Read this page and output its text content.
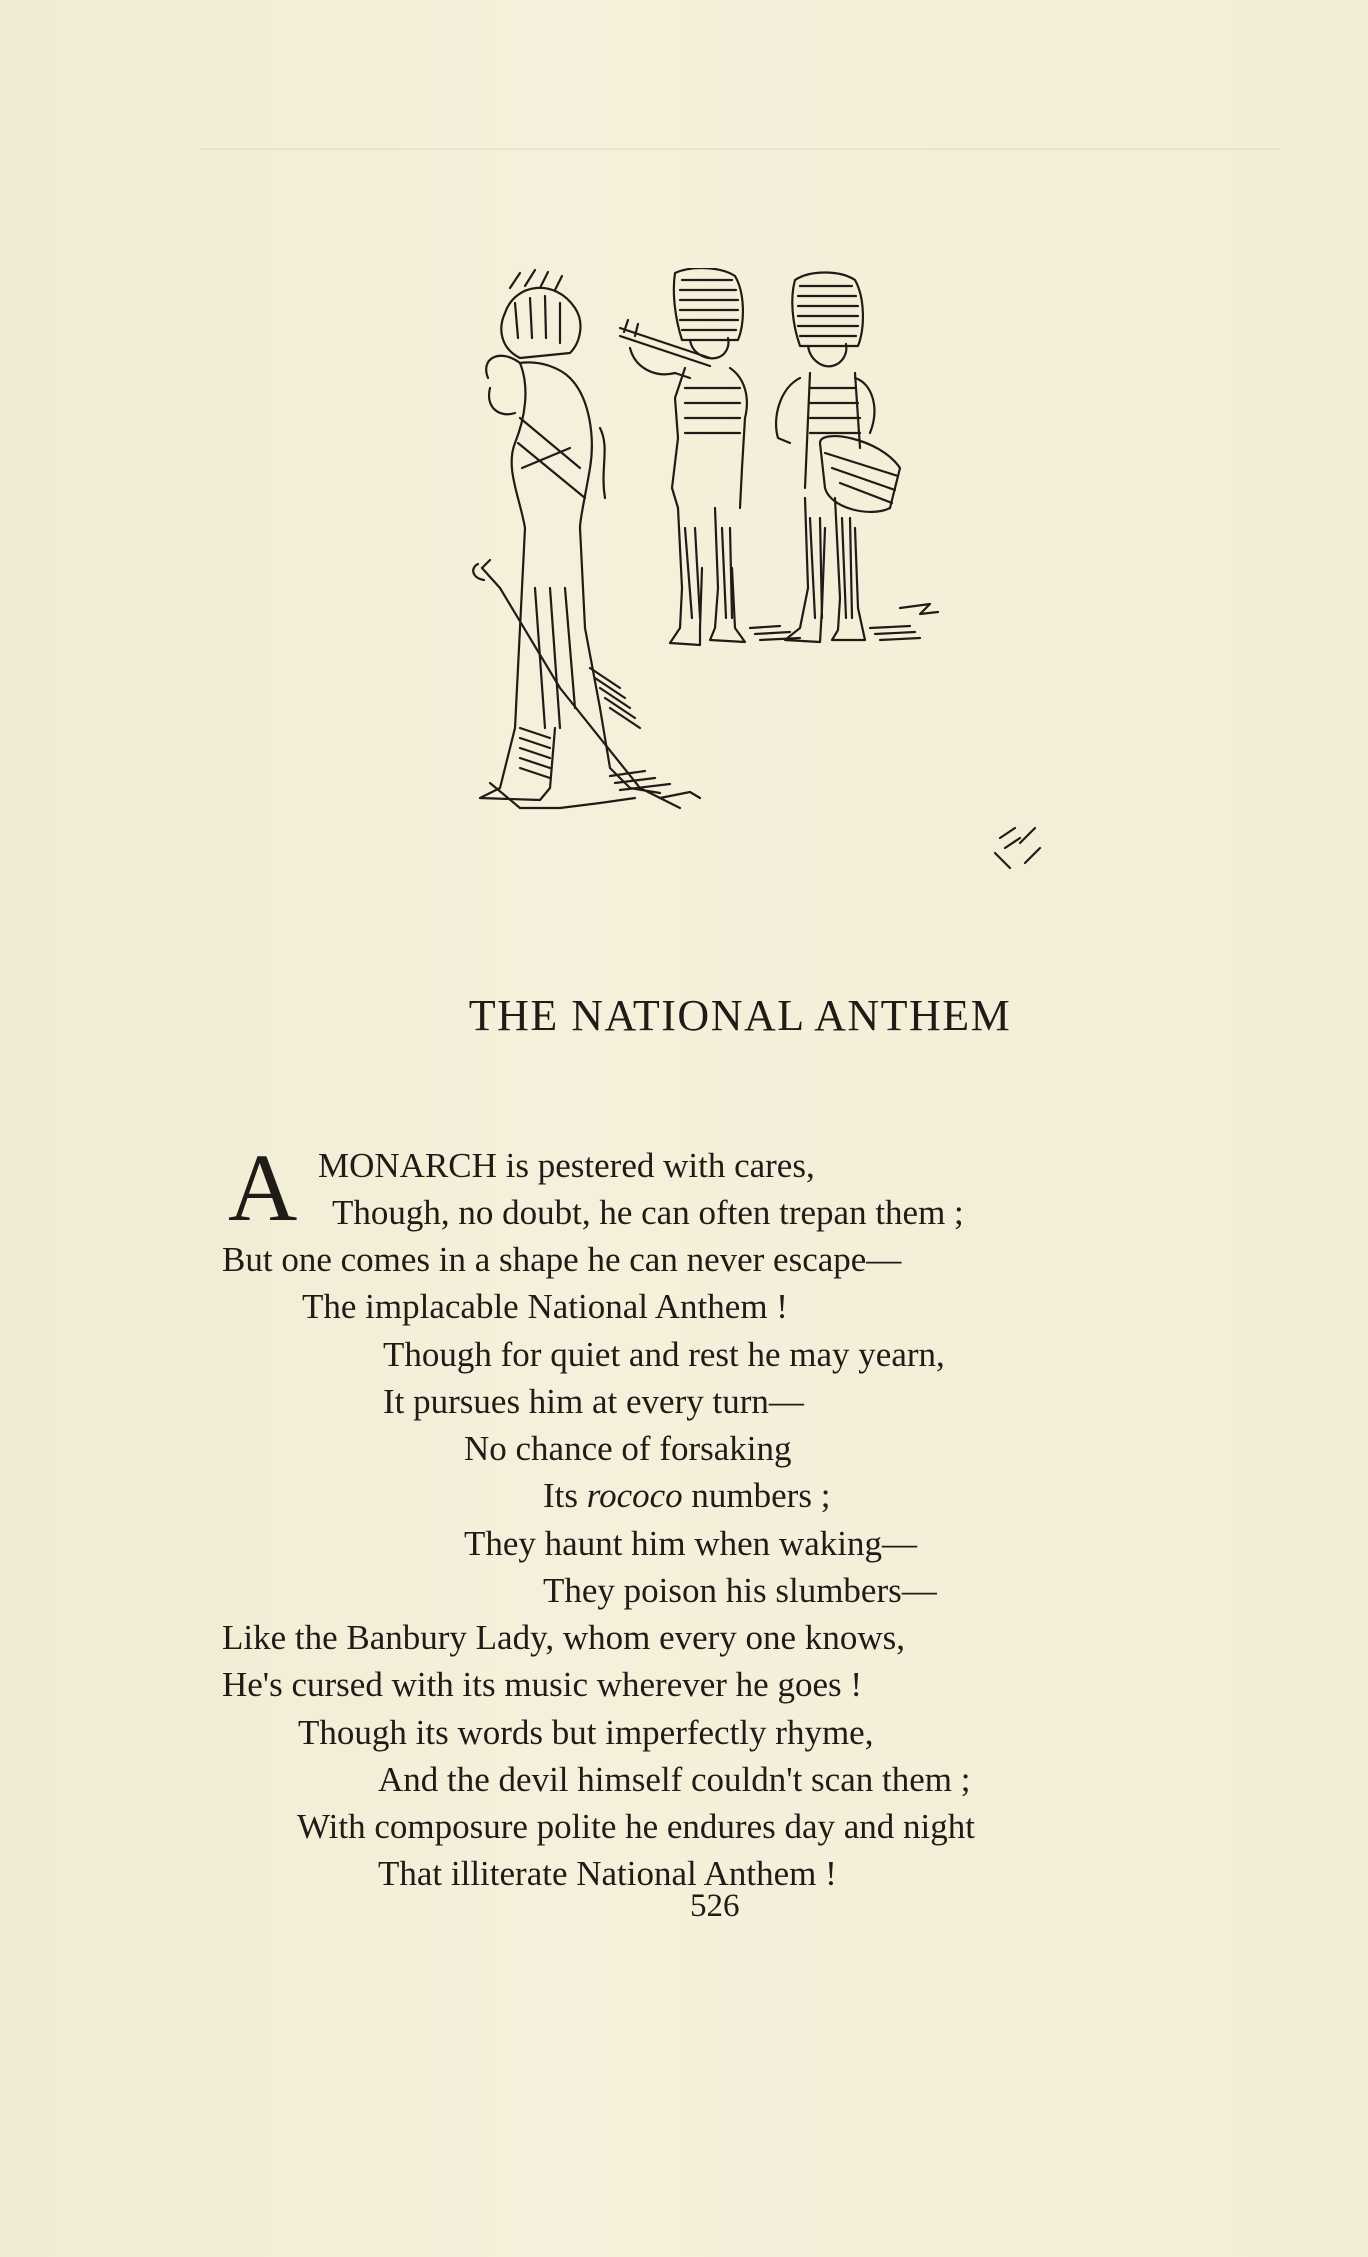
THE NATIONAL ANTHEM
A MONARCH is pestered with cares,
Though, no doubt, he can often trepan them ;
But one comes in a shape he can never escape—
The implacable National Anthem !
Though for quiet and rest he may yearn,
It pursues him at every turn—
No chance of forsaking
Its rococo numbers ;
They haunt him when waking—
They poison his slumbers—
Like the Banbury Lady, whom every one knows,
He's cursed with its music wherever he goes !
Though its words but imperfectly rhyme,
And the devil himself couldn't scan them ;
With composure polite he endures day and night
That illiterate National Anthem !
526
